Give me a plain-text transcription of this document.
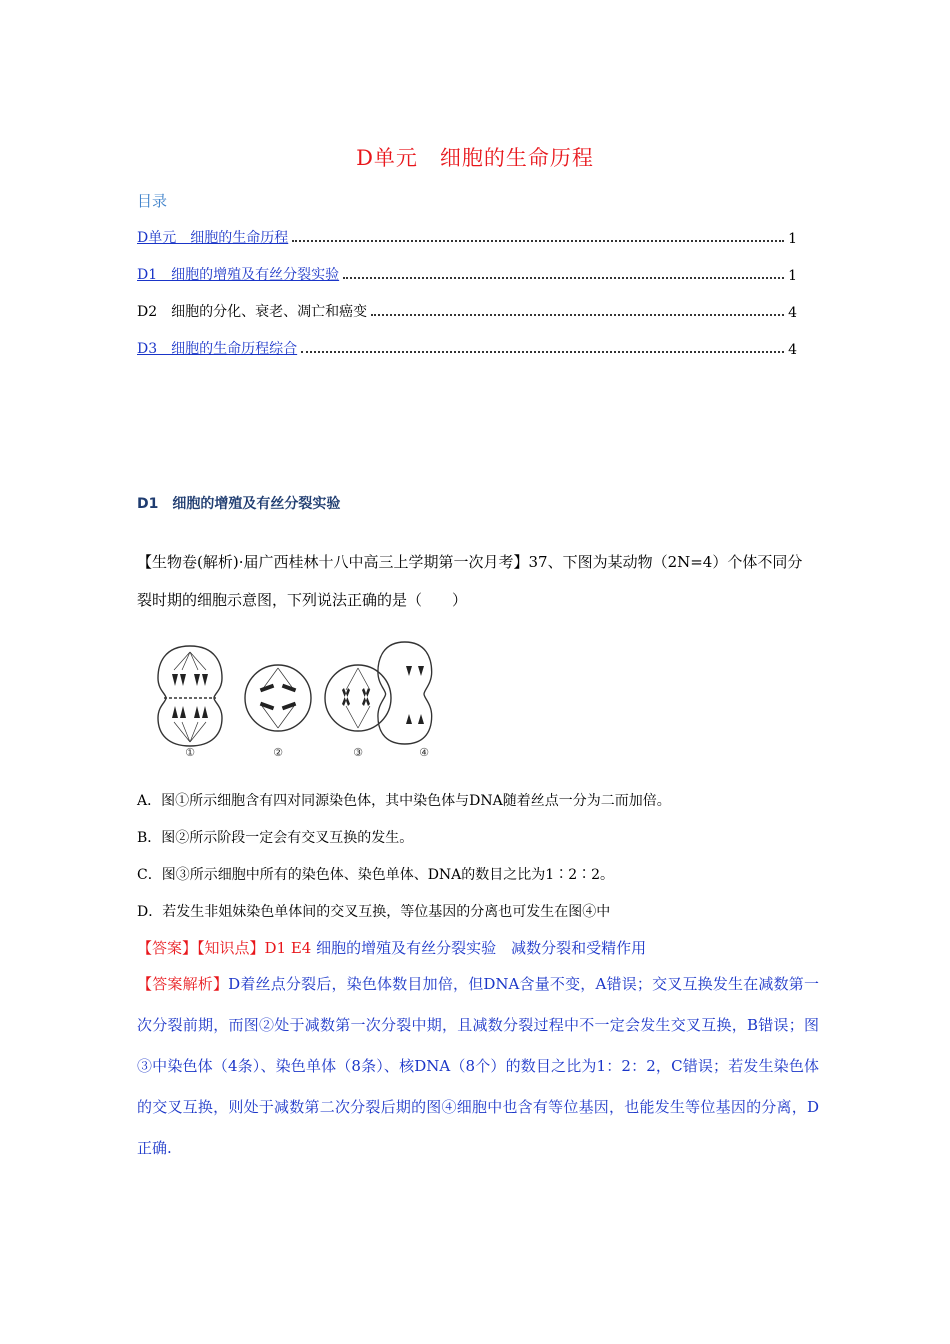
D单元　细胞的生命历程
目录
D单元　细胞的生命历程	1
D1　细胞的增殖及有丝分裂实验	1
D2　细胞的分化、衰老、凋亡和癌变	4
D3　细胞的生命历程综合	4
D1　细胞的增殖及有丝分裂实验
【生物卷(解析)·届广西桂林十八中高三上学期第一次月考】37、下图为某动物（2N=4）个体不同分裂时期的细胞示意图，下列说法正确的是（　　）
①	②	③	④
A．图①所示细胞含有四对同源染色体，其中染色体与DNA随着丝点一分为二而加倍。
B．图②所示阶段一定会有交叉互换的发生。
C．图③所示细胞中所有的染色体、染色单体、DNA的数目之比为1∶2∶2。
D．若发生非姐妹染色单体间的交叉互换，等位基因的分离也可发生在图④中
【答案】【知识点】D1 E4 细胞的增殖及有丝分裂实验　减数分裂和受精作用
【答案解析】D着丝点分裂后，染色体数目加倍，但DNA含量不变，A错误；交叉互换发生在减数第一次分裂前期，而图②处于减数第一次分裂中期，且减数分裂过程中不一定会发生交叉互换，B错误；图③中染色体（4条）、染色单体（8条）、核DNA（8个）的数目之比为1：2：2，C错误；若发生染色体的交叉互换，则处于减数第二次分裂后期的图④细胞中也含有等位基因，也能发生等位基因的分离，D正确.
